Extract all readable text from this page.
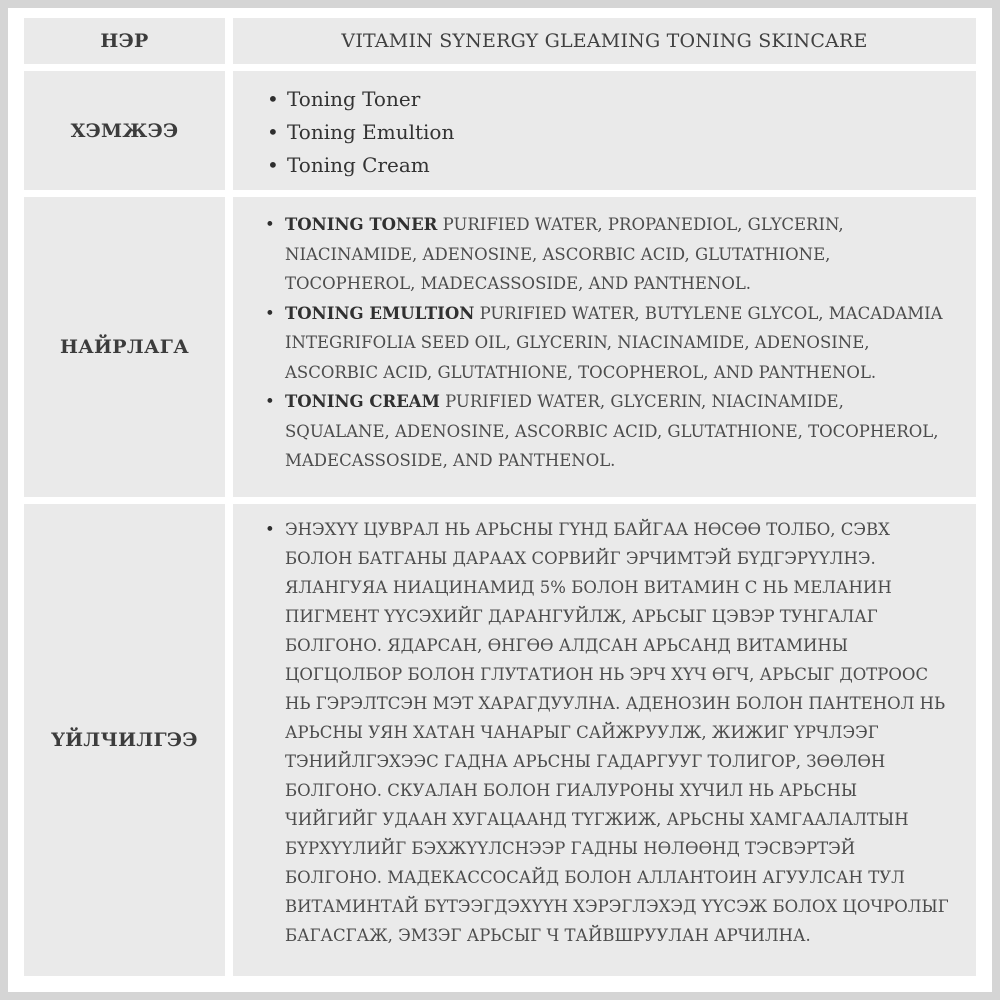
НЭР	VITAMIN SYNERGY GLEAMING TONING SKINCARE
ХЭМЖЭЭ
• Toning Toner
• Toning Emultion
• Toning Cream
НАЙРЛАГА
• TONING TONER PURIFIED WATER, PROPANEDIOL, GLYCERIN, NIACINAMIDE, ADENOSINE, ASCORBIC ACID, GLUTATHIONE, TOCOPHEROL, MADECASSOSIDE, AND PANTHENOL.
• TONING EMULTION PURIFIED WATER, BUTYLENE GLYCOL, MACADAMIA INTEGRIFOLIA SEED OIL, GLYCERIN, NIACINAMIDE, ADENOSINE, ASCORBIC ACID, GLUTATHIONE, TOCOPHEROL, AND PANTHENOL.
• TONING CREAM PURIFIED WATER, GLYCERIN, NIACINAMIDE, SQUALANE, ADENOSINE, ASCORBIC ACID, GLUTATHIONE, TOCOPHEROL, MADECASSOSIDE, AND PANTHENOL.
ҮЙЛЧИЛГЭЭ
• ЭНЭХҮҮ ЦУВРАЛ НЬ АРЬСНЫ ГҮНД БАЙГАА НӨСӨӨ ТОЛБО, СЭВХ БОЛОН БАТГАНЫ ДАРААХ СОРВИЙГ ЭРЧИМТЭЙ БҮДГЭРҮҮЛНЭ. ЯЛАНГУЯА НИАЦИНАМИД 5% БОЛОН ВИТАМИН С НЬ МЕЛАНИН ПИГМЕНТ ҮҮСЭХИЙГ ДАРАНГУЙЛЖ, АРЬСЫГ ЦЭВЭР ТУНГАЛАГ БОЛГОНО. ЯДАРСАН, ӨНГӨӨ АЛДСАН АРЬСАНД ВИТАМИНЫ ЦОГЦОЛБОР БОЛОН ГЛУТАТИОН НЬ ЭРЧ ХҮЧ ӨГЧ, АРЬСЫГ ДОТРООС НЬ ГЭРЭЛТСЭН МЭТ ХАРАГДУУЛНА. АДЕНОЗИН БОЛОН ПАНТЕНОЛ НЬ АРЬСНЫ УЯН ХАТАН ЧАНАРЫГ САЙЖРУУЛЖ, ЖИЖИГ ҮРЧЛЭЭГ ТЭНИЙЛГЭХЭЭС ГАДНА АРЬСНЫ ГАДАРГУУГ ТОЛИГОР, ЗӨӨЛӨН БОЛГОНО. СКУАЛАН БОЛОН ГИАЛУРОНЫ ХҮЧИЛ НЬ АРЬСНЫ ЧИЙГИЙГ УДААН ХУГАЦААНД ТҮГЖИЖ, АРЬСНЫ ХАМГААЛАЛТЫН БҮРХҮҮЛИЙГ БЭХЖҮҮЛСНЭЭР ГАДНЫ НӨЛӨӨНД ТЭСВЭРТЭЙ БОЛГОНО. МАДЕКАССОСАЙД БОЛОН АЛЛАНТОИН АГУУЛСАН ТУЛ ВИТАМИНТАЙ БҮТЭЭГДЭХҮҮН ХЭРЭГЛЭХЭД ҮҮСЭЖ БОЛОХ ЦОЧРОЛЫГ БАГАСГАЖ, ЭМЗЭГ АРЬСЫГ Ч ТАЙВШРУУЛАН АРЧИЛНА.
